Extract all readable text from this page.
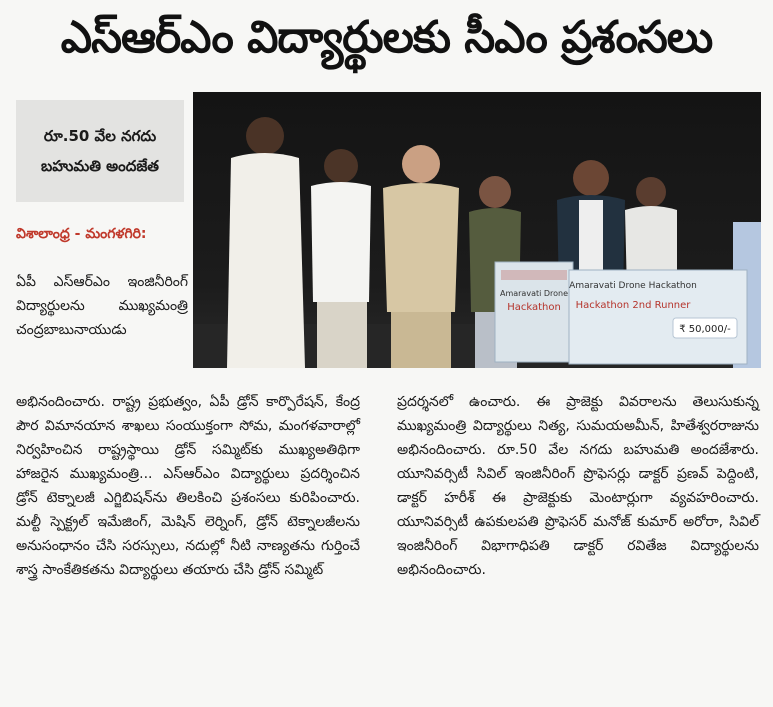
ఎస్‌ఆర్‌ఎం విద్యార్థులకు సీఎం ప్రశంసలు
రూ.50 వేల నగదు
బహుమతి అందజేత
Amaravati Drone
Hackathon
Amaravati Drone Hackathon
Hackathon 2nd Runner
₹ 50,000/-
విశాలాంధ్ర - మంగళగిరి:
ఏపీ ఎస్‌ఆర్‌ఎం ఇంజినీరింగ్ విద్యార్థులను ముఖ్యమంత్రి చంద్రబాబునాయుడు
అభినందించారు. రాష్ట్ర ప్రభుత్వం, ఏపీ డ్రోన్ కార్పొరేషన్, కేంద్ర పౌర విమానయాన శాఖలు సంయుక్తంగా సోమ, మంగళవారాల్లో నిర్వహించిన రాష్ట్రస్థాయి డ్రోన్ సమ్మిట్‌కు ముఖ్యఅతిథిగా హాజరైన ముఖ్యమంత్రి... ఎస్‌ఆర్‌ఎం విద్యార్థులు ప్రదర్శించిన డ్రోన్ టెక్నాలజీ ఎగ్జిబిషన్‌ను తిలకించి ప్రశంసలు కురిపించారు. మల్టీ స్పెక్ట్రల్ ఇమేజింగ్, మెషిన్ లెర్నింగ్, డ్రోన్ టెక్నాలజీలను అనుసంధానం చేసి సరస్సులు, నదుల్లో నీటి నాణ్యతను గుర్తించే శాస్త్ర సాంకేతికతను విద్యార్థులు తయారు చేసి డ్రోన్ సమ్మిట్
ప్రదర్శనలో ఉంచారు. ఈ ప్రాజెక్టు వివరాలను తెలుసుకున్న ముఖ్యమంత్రి విద్యార్థులు నిత్య, సుమయఅమీన్, హితేశ్వరరాజును అభినందించారు. రూ.50 వేల నగదు బహుమతి అందజేశారు. యూనివర్సిటీ సివిల్ ఇంజినీరింగ్ ప్రొఫెసర్లు డాక్టర్ ప్రణవ్ పెద్దింటి, డాక్టర్ హరీశ్ ఈ ప్రాజెక్టుకు మెంటార్లుగా వ్యవహరించారు. యూనివర్సిటీ ఉపకులపతి ప్రొఫెసర్ మనోజ్ కుమార్ అరోరా, సివిల్ ఇంజినీరింగ్ విభాగాధిపతి డాక్టర్ రవితేజ విద్యార్థులను అభినందించారు.
